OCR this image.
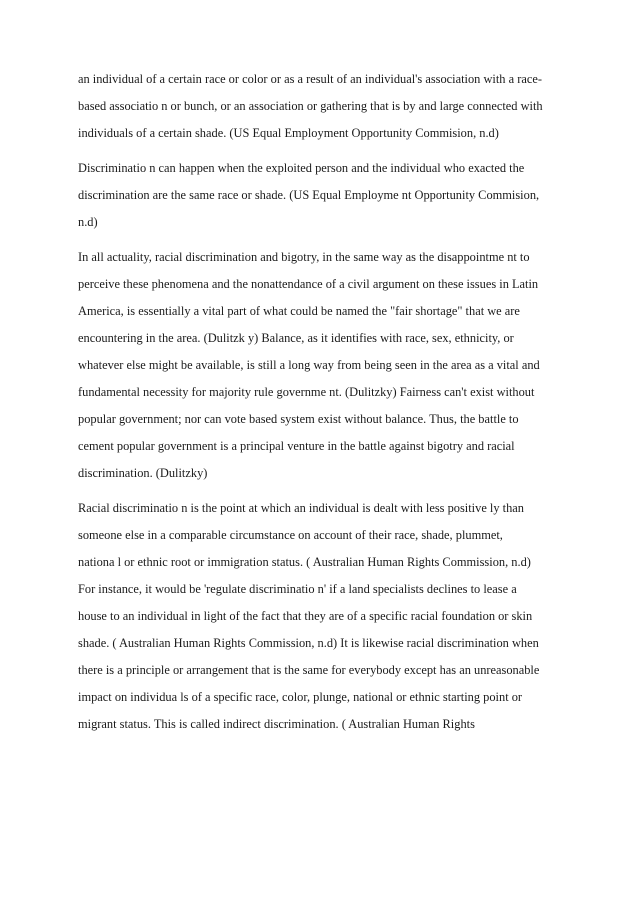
an individual of a certain race or color or as a result of an individual's association with a race-
based associatio n or bunch, or an association or gathering that is by and large connected with
individuals of a certain shade. (US Equal Employment Opportunity Commision, n.d)

Discriminatio n can happen when the exploited person and the individual who exacted the
discrimination are the same race or shade. (US Equal Employme nt Opportunity Commision,
n.d)

In all actuality, racial discrimination and bigotry, in the same way as the disappointme nt to
perceive these phenomena and the nonattendance of a civil argument on these issues in Latin
America, is essentially a vital part of what could be named the "fair shortage" that we are
encountering in the area. (Dulitzk y) Balance, as it identifies with race, sex, ethnicity, or
whatever else might be available, is still a long way from being seen in the area as a vital and
fundamental necessity for majority rule governme nt. (Dulitzky) Fairness can't exist without
popular government; nor can vote based system exist without balance. Thus, the battle to
cement popular government is a principal venture in the battle against bigotry and racial
discrimination. (Dulitzky)

Racial discriminatio n is the point at which an individual is dealt with less positive ly than
someone else in a comparable circumstance on account of their race, shade, plummet,
nationa l or ethnic root or immigration status. ( Australian Human Rights Commission, n.d)
For instance, it would be 'regulate discriminatio n' if a land specialists declines to lease a
house to an individual in light of the fact that they are of a specific racial foundation or skin
shade. ( Australian Human Rights Commission, n.d) It is likewise racial discrimination when
there is a principle or arrangement that is the same for everybody except has an unreasonable
impact on individua ls of a specific race, color, plunge, national or ethnic starting point or
migrant status. This is called indirect discrimination. ( Australian Human Rights
